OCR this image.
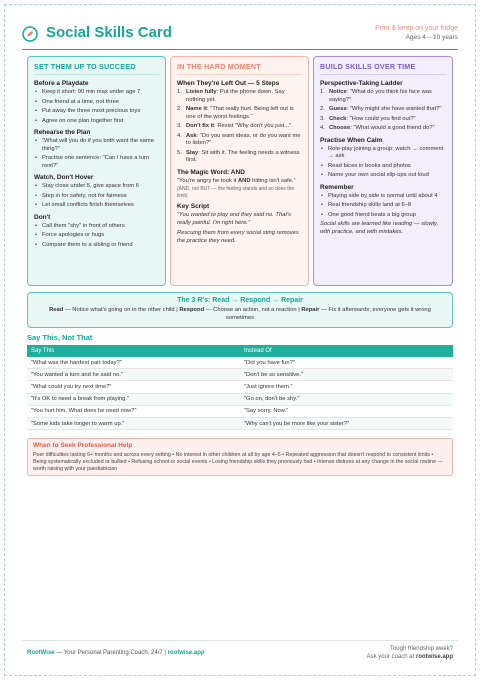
Social Skills Card	Print & keep on your fridge
Ages 4 – 10 years
SET THEM UP TO SUCCEED
Before a Playdate
• Keep it short: 90 min max under age 7
• One friend at a time, not three
• Put away the three most precious toys
• Agree on one plan together first
Rehearse the Plan
• "What will you do if you both want the same thing?"
• Practise one sentence: "Can I have a turn next?"
Watch, Don't Hover
• Stay close under 5, give space from 6
• Step in for safety, not for fairness
• Let small conflicts finish themselves
Don't
• Call them "shy" in front of others
• Force apologies or hugs
• Compare them to a sibling or friend
IN THE HARD MOMENT
When They're Left Out — 5 Steps
1. Listen fully: Put the phone down. Say nothing yet.
2. Name it: "That really hurt. Being left out is one of the worst feelings."
3. Don't fix it: Resist "Why don't you just..."
4. Ask: "Do you want ideas, or do you want me to listen?"
5. Stay: Sit with it. The feeling needs a witness first.
The Magic Word: AND

"You're angry he took it AND hitting isn't safe."

(AND, not BUT — the feeling stands and so does the limit)

Key Script

"You wanted to play and they said no. That's really painful. I'm right here."

Rescuing them from every social sting removes the practice they need.

BUILD SKILLS OVER TIME
Perspective-Taking Ladder
1. Notice: "What do you think his face was saying?"
2. Guess: "Why might she have wanted that?"
3. Check: "How could you find out?"
4. Choose: "What would a good friend do?"
Practise When Calm
• Role-play joining a group: watch → comment → ask
• Read faces in books and photos
• Name your own social slip-ups out loud
Remember
• Playing side by side is normal until about 4
• Real friendship skills land at 6–8
• One good friend beats a big group

Social skills are learned like reading — slowly, with practice, and with mistakes.

The 3 R's: Read → Respond → Repair
Read — Notice what's going on in the other child | Respond — Choose an action, not a reaction | Repair — Fix it afterwards; everyone gets it wrong sometimes
Say This, Not That
Say This	Instead Of
"What was the hardest part today?"	"Did you have fun?"
"You wanted a turn and he said no."	"Don't be so sensitive."
"What could you try next time?"	"Just ignore them."
"It's OK to need a break from playing."	"Go on, don't be shy."
"You hurt him. What does he need now?"	"Say sorry. Now."
"Some kids take longer to warm up."	"Why can't you be more like your sister?"
When to Seek Professional Help
Peer difficulties lasting 6+ months and across every setting • No interest in other children at all by age 4–5 • Repeated aggression that doesn't respond to consistent limits • Being systematically excluded or bullied • Refusing school or social events • Losing friendship skills they previously had • Intense distress at any change in the social routine — worth raising with your paediatrician
RootWise — Your Personal Parenting Coach, 24/7 | rootwise.app
Tough friendship week?
Ask your coach at rootwise.app
